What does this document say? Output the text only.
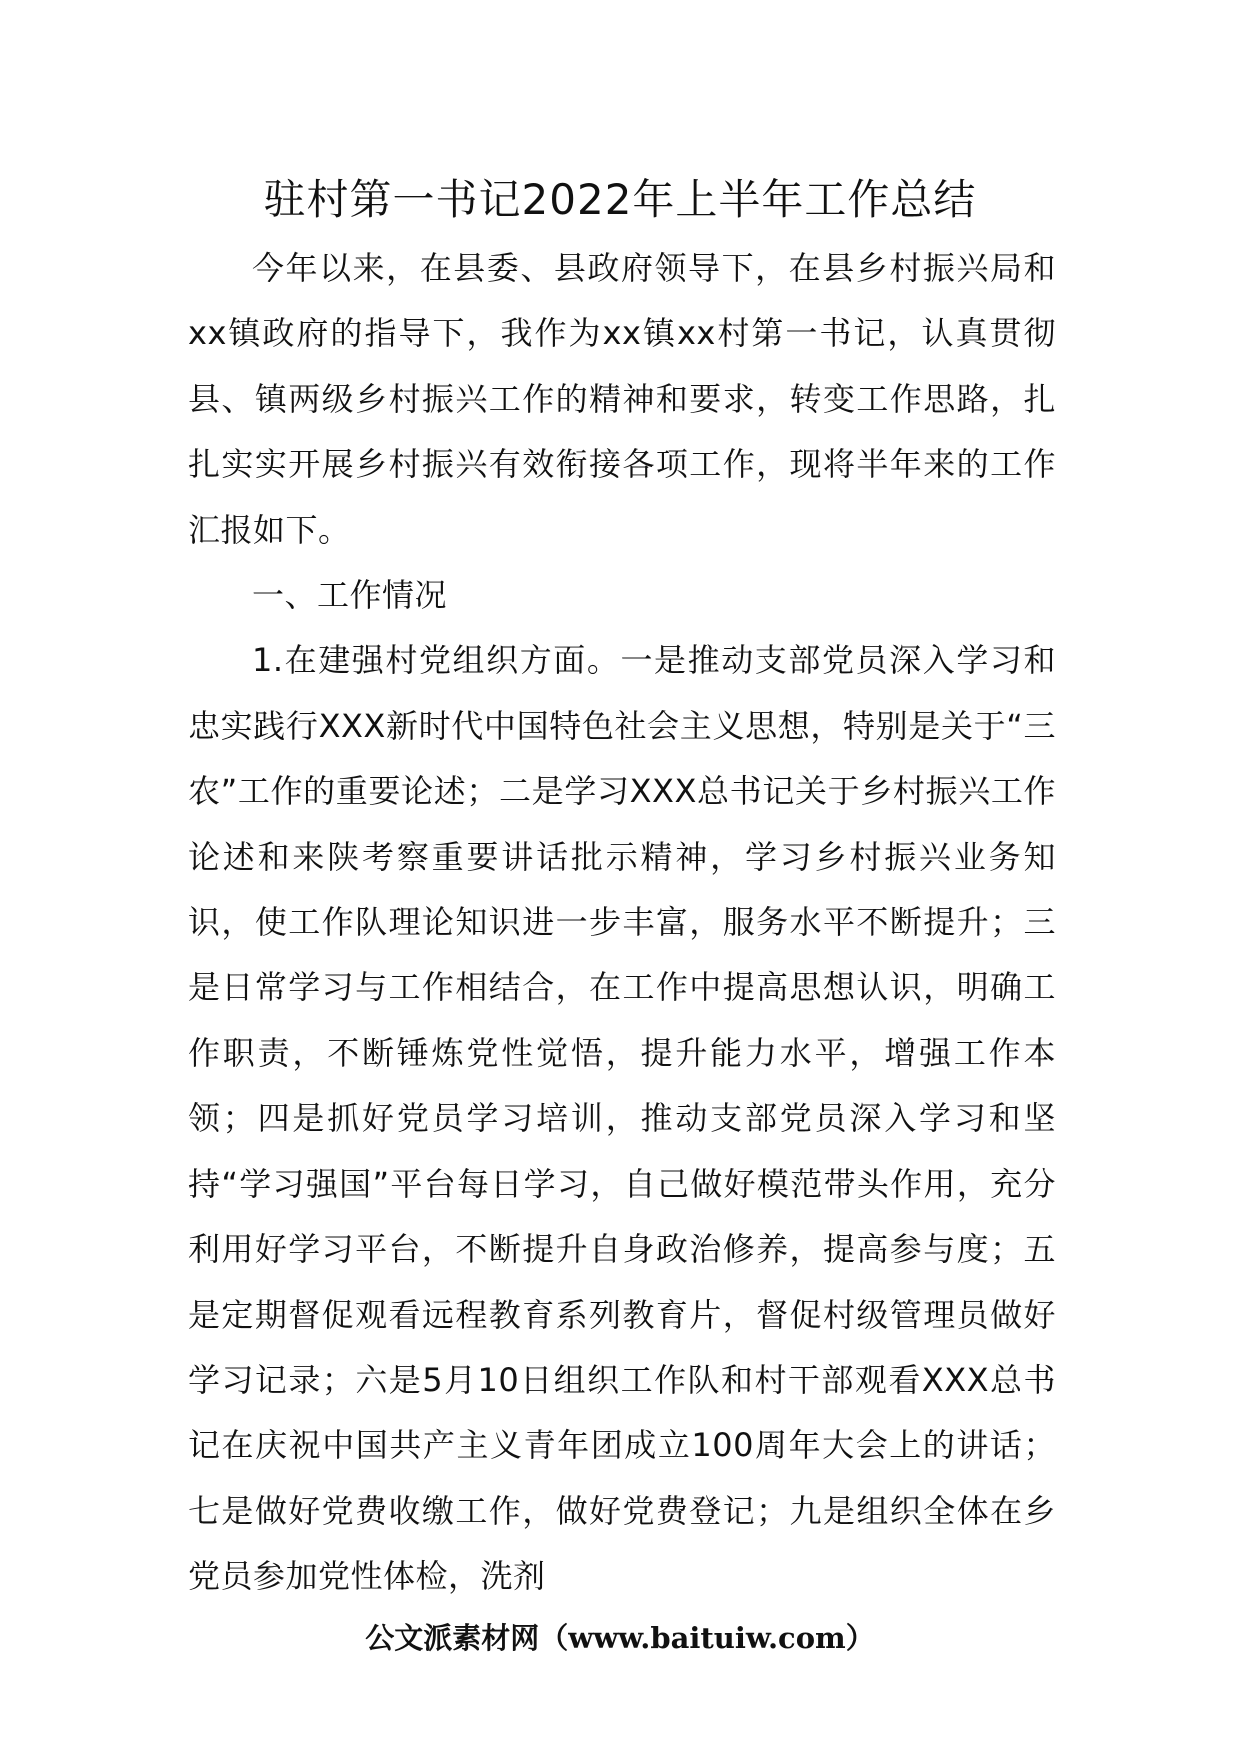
驻村第一书记2022年上半年工作总结

今年以来，在县委、县政府领导下，在县乡村振兴局和xx镇政府的指导下，我作为xx镇xx村第一书记，认真贯彻县、镇两级乡村振兴工作的精神和要求，转变工作思路，扎扎实实开展乡村振兴有效衔接各项工作，现将半年来的工作汇报如下。

一、工作情况

1.在建强村党组织方面。一是推动支部党员深入学习和忠实践行XXX新时代中国特色社会主义思想，特别是关于“三农”工作的重要论述；二是学习XXX总书记关于乡村振兴工作论述和来陕考察重要讲话批示精神，学习乡村振兴业务知识，使工作队理论知识进一步丰富，服务水平不断提升；三是日常学习与工作相结合，在工作中提高思想认识，明确工作职责，不断锤炼党性觉悟，提升能力水平，增强工作本领；四是抓好党员学习培训，推动支部党员深入学习和坚持“学习强国”平台每日学习，自己做好模范带头作用，充分利用好学习平台，不断提升自身政治修养，提高参与度；五是定期督促观看远程教育系列教育片，督促村级管理员做好学习记录；六是5月10日组织工作队和村干部观看XXX总书记在庆祝中国共产主义青年团成立100周年大会上的讲话；七是做好党费收缴工作，做好党费登记；九是组织全体在乡党员参加党性体检，洗剂

公文派素材网（www.baituiw.com）
